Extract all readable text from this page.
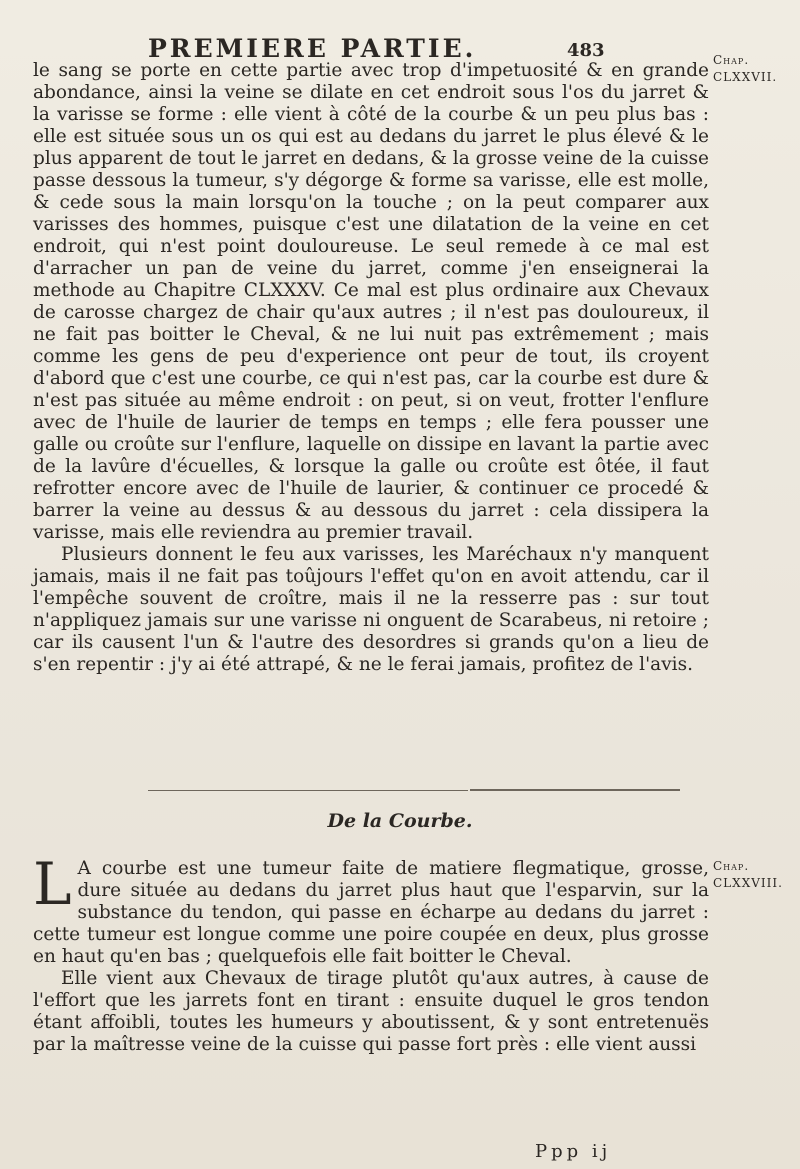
PREMIERE PARTIE.	483	Chap.
CLXXVII.

le sang se porte en cette partie avec trop d'impetuosité & en grande abondance, ainsi la veine se dilate en cet endroit sous l'os du jarret & la varisse se forme : elle vient à côté de la courbe & un peu plus bas : elle est située sous un os qui est au dedans du jarret le plus élevé & le plus apparent de tout le jarret en dedans, & la grosse veine de la cuisse passe dessous la tumeur, s'y dégorge & forme sa varisse, elle est molle, & cede sous la main lorsqu'on la touche ; on la peut comparer aux varisses des hommes, puisque c'est une dilatation de la veine en cet endroit, qui n'est point douloureuse. Le seul remede à ce mal est d'arracher un pan de veine du jarret, comme j'en enseignerai la methode au Chapitre CLXXXV. Ce mal est plus ordinaire aux Chevaux de carosse chargez de chair qu'aux autres ; il n'est pas douloureux, il ne fait pas boitter le Cheval, & ne lui nuit pas extrêmement ; mais comme les gens de peu d'experience ont peur de tout, ils croyent d'abord que c'est une courbe, ce qui n'est pas, car la courbe est dure & n'est pas située au même endroit : on peut, si on veut, frotter l'enflure avec de l'huile de laurier de temps en temps ; elle fera pousser une galle ou croûte sur l'enflure, laquelle on dissipe en lavant la partie avec de la lavûre d'écuelles, & lorsque la galle ou croûte est ôtée, il faut refrotter encore avec de l'huile de laurier, & continuer ce procedé & barrer la veine au dessus & au dessous du jarret : cela dissipera la varisse, mais elle reviendra au premier travail.

Plusieurs donnent le feu aux varisses, les Maréchaux n'y manquent jamais, mais il ne fait pas toûjours l'effet qu'on en avoit attendu, car il l'empêche souvent de croître, mais il ne la resserre pas : sur tout n'appliquez jamais sur une varisse ni onguent de Scarabeus, ni retoire ; car ils causent l'un & l'autre des desordres si grands qu'on a lieu de s'en repentir : j'y ai été attrapé, & ne le ferai jamais, profitez de l'avis.

De la Courbe.
Chap.
CLXXVIII.

L A courbe est une tumeur faite de matiere flegmatique, grosse, dure située au dedans du jarret plus haut que l'esparvin, sur la substance du tendon, qui passe en écharpe au dedans du jarret : cette tumeur est longue comme une poire coupée en deux, plus grosse en haut qu'en bas ; quelquefois elle fait boitter le Cheval.

Elle vient aux Chevaux de tirage plutôt qu'aux autres, à cause de l'effort que les jarrets font en tirant : ensuite duquel le gros tendon étant affoibli, toutes les humeurs y aboutissent, & y sont entretenuës par la maîtresse veine de la cuisse qui passe fort près : elle vient aussi

Ppp ij
